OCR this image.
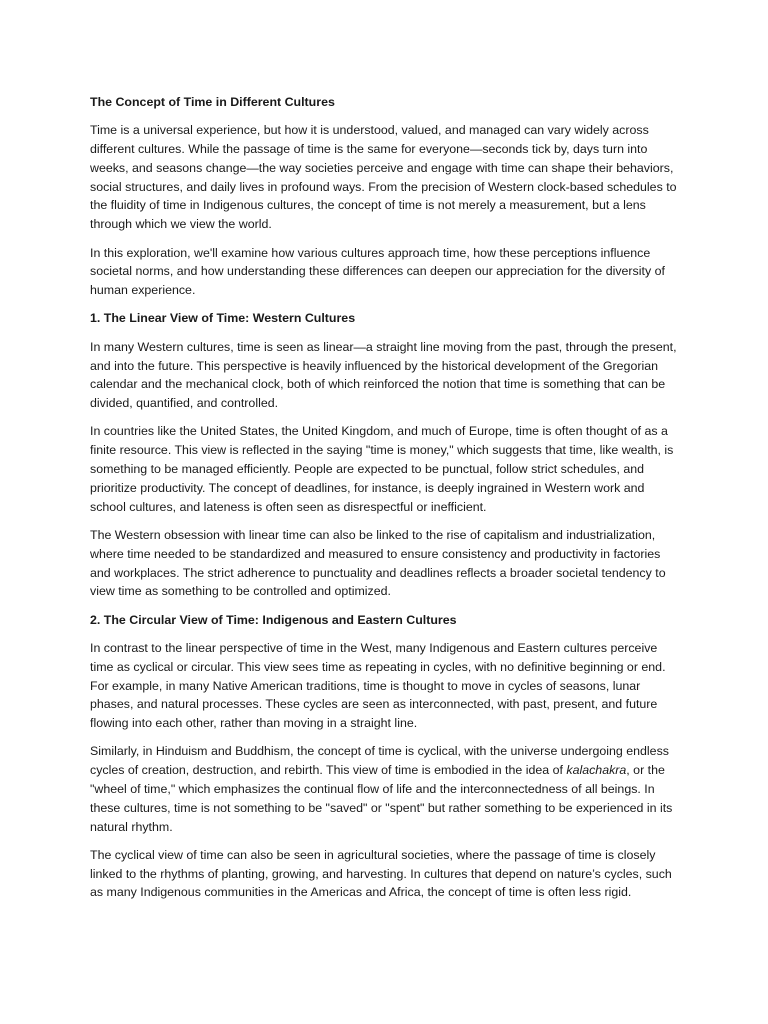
The Concept of Time in Different Cultures

Time is a universal experience, but how it is understood, valued, and managed can vary widely across different cultures. While the passage of time is the same for everyone—seconds tick by, days turn into weeks, and seasons change—the way societies perceive and engage with time can shape their behaviors, social structures, and daily lives in profound ways. From the precision of Western clock-based schedules to the fluidity of time in Indigenous cultures, the concept of time is not merely a measurement, but a lens through which we view the world.

In this exploration, we'll examine how various cultures approach time, how these perceptions influence societal norms, and how understanding these differences can deepen our appreciation for the diversity of human experience.

1. The Linear View of Time: Western Cultures

In many Western cultures, time is seen as linear—a straight line moving from the past, through the present, and into the future. This perspective is heavily influenced by the historical development of the Gregorian calendar and the mechanical clock, both of which reinforced the notion that time is something that can be divided, quantified, and controlled.

In countries like the United States, the United Kingdom, and much of Europe, time is often thought of as a finite resource. This view is reflected in the saying "time is money," which suggests that time, like wealth, is something to be managed efficiently. People are expected to be punctual, follow strict schedules, and prioritize productivity. The concept of deadlines, for instance, is deeply ingrained in Western work and school cultures, and lateness is often seen as disrespectful or inefficient.

The Western obsession with linear time can also be linked to the rise of capitalism and industrialization, where time needed to be standardized and measured to ensure consistency and productivity in factories and workplaces. The strict adherence to punctuality and deadlines reflects a broader societal tendency to view time as something to be controlled and optimized.

2. The Circular View of Time: Indigenous and Eastern Cultures

In contrast to the linear perspective of time in the West, many Indigenous and Eastern cultures perceive time as cyclical or circular. This view sees time as repeating in cycles, with no definitive beginning or end. For example, in many Native American traditions, time is thought to move in cycles of seasons, lunar phases, and natural processes. These cycles are seen as interconnected, with past, present, and future flowing into each other, rather than moving in a straight line.

Similarly, in Hinduism and Buddhism, the concept of time is cyclical, with the universe undergoing endless cycles of creation, destruction, and rebirth. This view of time is embodied in the idea of kalachakra, or the "wheel of time," which emphasizes the continual flow of life and the interconnectedness of all beings. In these cultures, time is not something to be "saved" or "spent" but rather something to be experienced in its natural rhythm.

The cyclical view of time can also be seen in agricultural societies, where the passage of time is closely linked to the rhythms of planting, growing, and harvesting. In cultures that depend on nature’s cycles, such as many Indigenous communities in the Americas and Africa, the concept of time is often less rigid.
